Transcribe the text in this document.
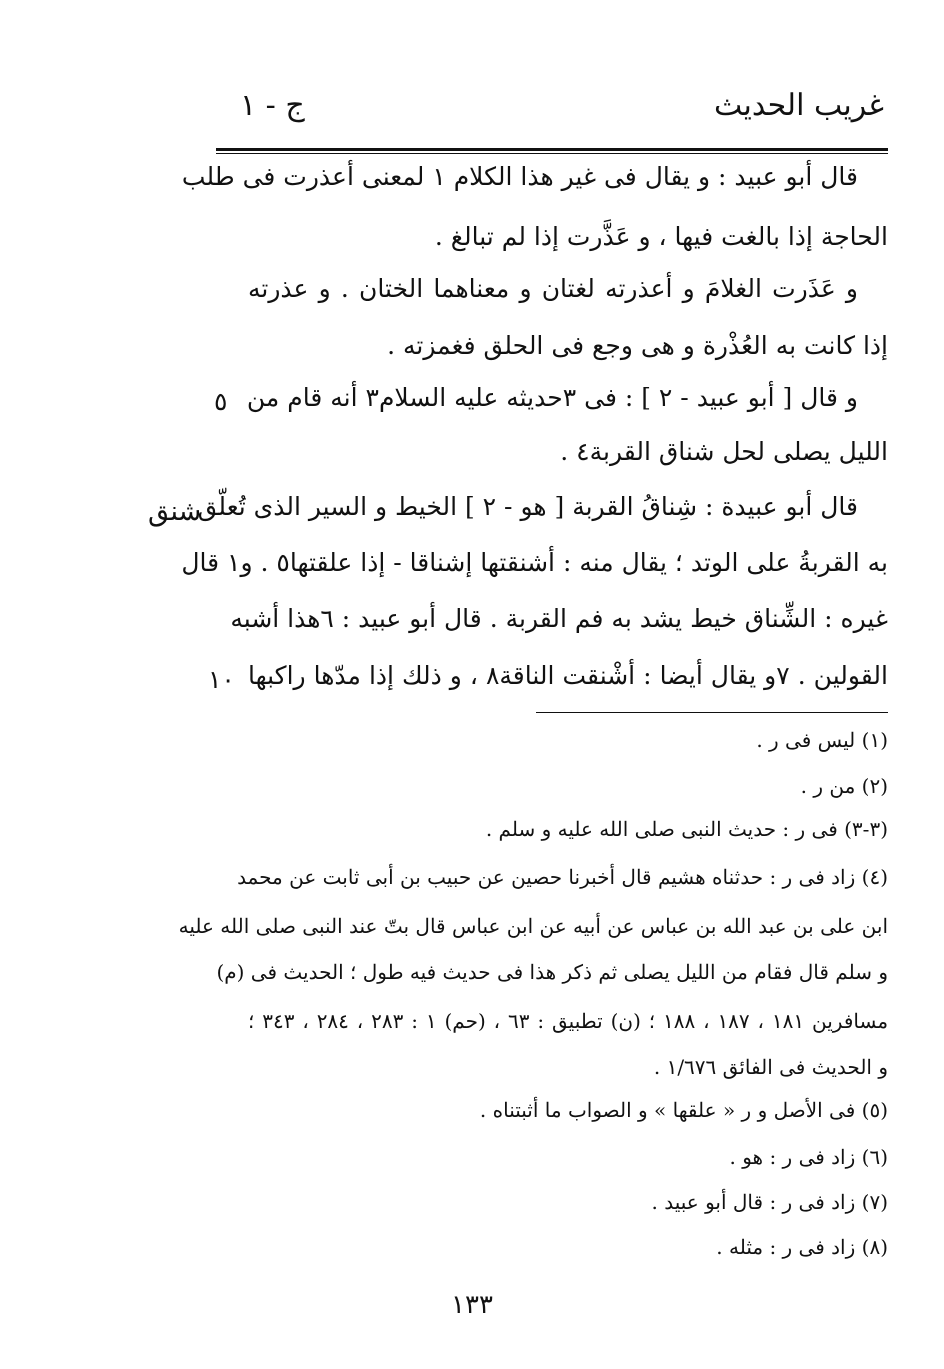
غريب الحديث
ج - ١
قال أبو عبيد : و يقال فى غير هذا الكلام ١ لمعنى أعذرت فى طلب
الحاجة إذا بالغت فيها ، و عَذَّرت إذا لم تبالغ .
و عَذَرت الغلامَ و أعذرته لغتان و معناهما الختان . و عذرته
إذا كانت به العُذْرة و هى وجع فى الحلق فغمزته .
و قال [ أبو عبيد - ٢ ] : فى ٣حديثه عليه السلام٣ أنه قام من
الليل يصلى لحل شناق القربة٤ .
قال أبو عبيدة : شِناقُ القربة [ هو - ٢ ] الخيط و السير الذى تُعلّق
به القربةُ على الوتد ؛ يقال منه : أشنقتها إشناقا - إذا علقتها٥ . و١ قال
غيره : الشِّناق خيط يشد به فم القربة . قال أبو عبيد : ٦هذا أشبه
القولين . ٧و يقال أيضا : أشْنقت الناقة٨ ، و ذلك إذا مدّها راكبها
٥
١٠
شنق
(١) ليس فى ر .
(٢) من ر .
(٣-٣) فى ر : حديث النبى صلى الله عليه و سلم .
(٤) زاد فى ر : حدثناه هشيم قال أخبرنا حصين عن حبيب بن أبى ثابت عن محمد
ابن على بن عبد الله بن عباس عن أبيه عن ابن عباس قال بتّ عند النبى صلى الله عليه
و سلم قال فقام من الليل يصلى ثم ذكر هذا فى حديث فيه طول ؛ الحديث فى (م)
مسافرين ١٨١ ، ١٨٧ ، ١٨٨ ؛ (ن) تطبيق : ٦٣ ، (حم) ١ : ٢٨٣ ، ٢٨٤ ، ٣٤٣ ؛
و الحديث فى الفائق ١/٦٧٦ .
(٥) فى الأصل و ر « علقها » و الصواب ما أثبتناه .
(٦) زاد فى ر : هو .
(٧) زاد فى ر : قال أبو عبيد .
(٨) زاد فى ر : مثله .
١٣٣
